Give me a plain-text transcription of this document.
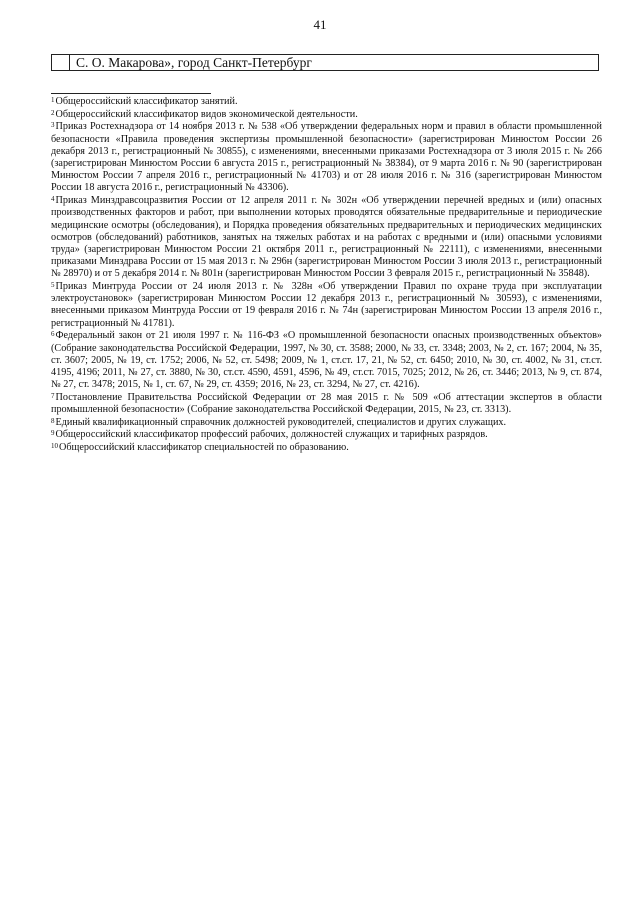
41
С. О. Макарова», город Санкт-Петербург

$^1$Общероссийский классификатор занятий.

$^2$Общероссийский классификатор видов экономической деятельности.

$^3$Приказ Ростехнадзора от 14 ноября 2013 г. № 538 «Об утверждении федеральных норм и правил в области промышленной безопасности «Правила проведения экспертизы промышленной безопасности» (зарегистрирован Минюстом России 26 декабря 2013 г., регистрационный № 30855), с изменениями, внесенными приказами Ростехнадзора от 3 июля 2015 г. № 266 (зарегистрирован Минюстом России 6 августа 2015 г., регистрационный № 38384), от 9 марта 2016 г. № 90 (зарегистрирован Минюстом России 7 апреля 2016 г., регистрационный № 41703) и от 28 июля 2016 г. № 316 (зарегистрирован Минюстом России 18 августа 2016 г., регистрационный № 43306).

$^4$Приказ Минздравсоцразвития России от 12 апреля 2011 г. № 302н «Об утверждении перечней вредных и (или) опасных производственных факторов и работ, при выполнении которых проводятся обязательные предварительные и периодические медицинские осмотры (обследования), и Порядка проведения обязательных предварительных и периодических медицинских осмотров (обследований) работников, занятых на тяжелых работах и на работах с вредными и (или) опасными условиями труда» (зарегистрирован Минюстом России 21 октября 2011 г., регистрационный № 22111), с изменениями, внесенными приказами Минздрава России от 15 мая 2013 г. № 296н (зарегистрирован Минюстом России 3 июля 2013 г., регистрационный № 28970) и от 5 декабря 2014 г. № 801н (зарегистрирован Минюстом России 3 февраля 2015 г., регистрационный № 35848).

$^5$Приказ Минтруда России от 24 июля 2013 г. № 328н «Об утверждении Правил по охране труда при эксплуатации электроустановок» (зарегистрирован Минюстом России 12 декабря 2013 г., регистрационный № 30593), с изменениями, внесенными приказом Минтруда России от 19 февраля 2016 г. № 74н (зарегистрирован Минюстом России 13 апреля 2016 г., регистрационный № 41781).

$^6$Федеральный закон от 21 июля 1997 г. № 116-ФЗ «О промышленной безопасности опасных производственных объектов» (Собрание законодательства Российской Федерации, 1997, № 30, ст. 3588; 2000, № 33, ст. 3348; 2003, № 2, ст. 167; 2004, № 35, ст. 3607; 2005, № 19, ст. 1752; 2006, № 52, ст. 5498; 2009, № 1, ст.ст. 17, 21, № 52, ст. 6450; 2010, № 30, ст. 4002, № 31, ст.ст. 4195, 4196; 2011, № 27, ст. 3880, № 30, ст.ст. 4590, 4591, 4596, № 49, ст.ст. 7015, 7025; 2012, № 26, ст. 3446; 2013, № 9, ст. 874, № 27, ст. 3478; 2015, № 1, ст. 67, № 29, ст. 4359; 2016, № 23, ст. 3294, № 27, ст. 4216).

$^7$Постановление Правительства Российской Федерации от 28 мая 2015 г. № 509 «Об аттестации экспертов в области промышленной безопасности» (Собрание законодательства Российской Федерации, 2015, № 23, ст. 3313).

$^8$Единый квалификационный справочник должностей руководителей, специалистов и других служащих.

$^9$Общероссийский классификатор профессий рабочих, должностей служащих и тарифных разрядов.

$^{10}$Общероссийский классификатор специальностей по образованию.
